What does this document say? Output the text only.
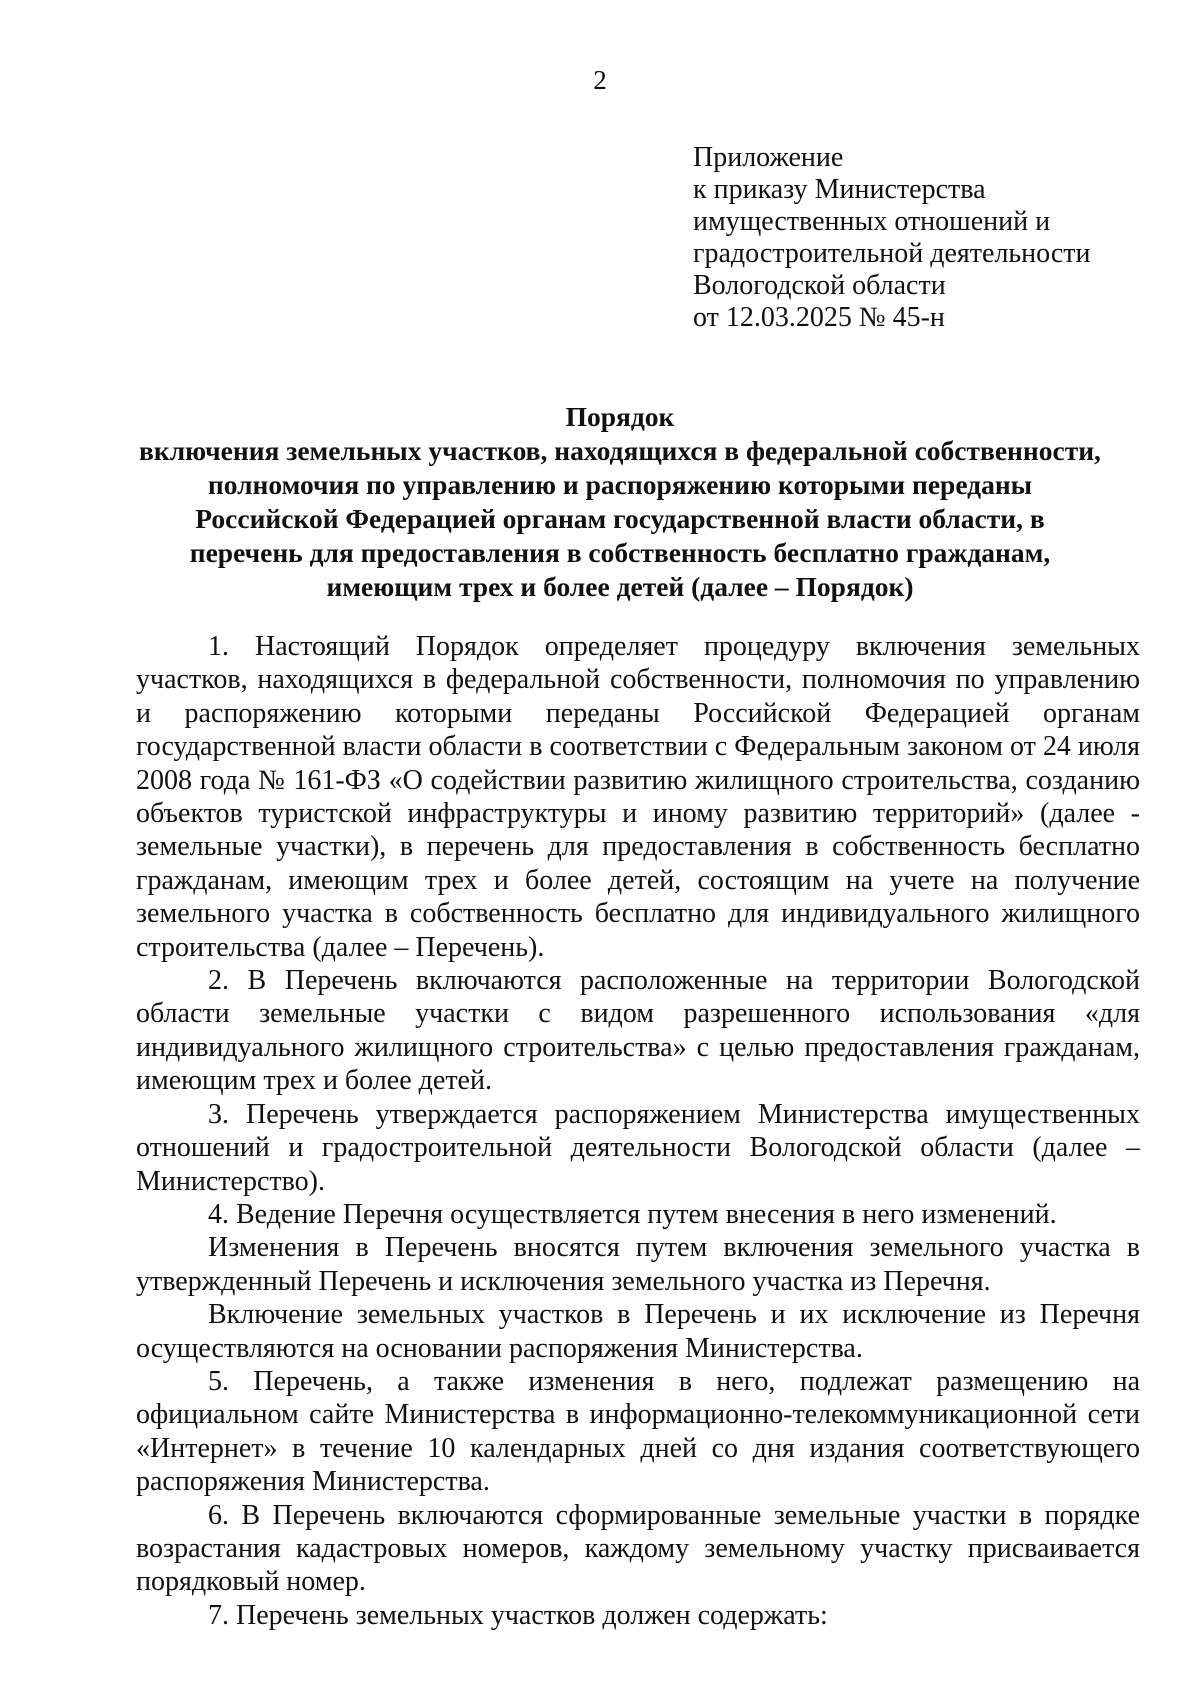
2
Приложение
к приказу Министерства
имущественных отношений и
градостроительной деятельности
Вологодской области
от 12.03.2025 № 45-н
Порядок
включения земельных участков, находящихся в федеральной собственности,
полномочия по управлению и распоряжению которыми переданы
Российской Федерацией органам государственной власти области, в
перечень для предоставления в собственность бесплатно гражданам,
имеющим трех и более детей (далее – Порядок)

1. Настоящий Порядок определяет процедуру включения земельных участков, находящихся в федеральной собственности, полномочия по управлению и распоряжению которыми переданы Российской Федерацией органам государственной власти области в соответствии с Федеральным законом от 24 июля 2008 года № 161-ФЗ «О содействии развитию жилищного строительства, созданию объектов туристской инфраструктуры и иному развитию территорий» (далее - земельные участки), в перечень для предоставления в собственность бесплатно гражданам, имеющим трех и более детей, состоящим на учете на получение земельного участка в собственность бесплатно для индивидуального жилищного строительства (далее – Перечень).

2. В Перечень включаются расположенные на территории Вологодской области земельные участки с видом разрешенного использования «для индивидуального жилищного строительства» с целью предоставления гражданам, имеющим трех и более детей.

3. Перечень утверждается распоряжением Министерства имущественных отношений и градостроительной деятельности Вологодской области (далее – Министерство).

4. Ведение Перечня осуществляется путем внесения в него изменений.

Изменения в Перечень вносятся путем включения земельного участка в утвержденный Перечень и исключения земельного участка из Перечня.

Включение земельных участков в Перечень и их исключение из Перечня осуществляются на основании распоряжения Министерства.

5. Перечень, а также изменения в него, подлежат размещению на официальном сайте Министерства в информационно-телекоммуникационной сети «Интернет» в течение 10 календарных дней со дня издания соответствующего распоряжения Министерства.

6. В Перечень включаются сформированные земельные участки в порядке возрастания кадастровых номеров, каждому земельному участку присваивается порядковый номер.

7. Перечень земельных участков должен содержать:
